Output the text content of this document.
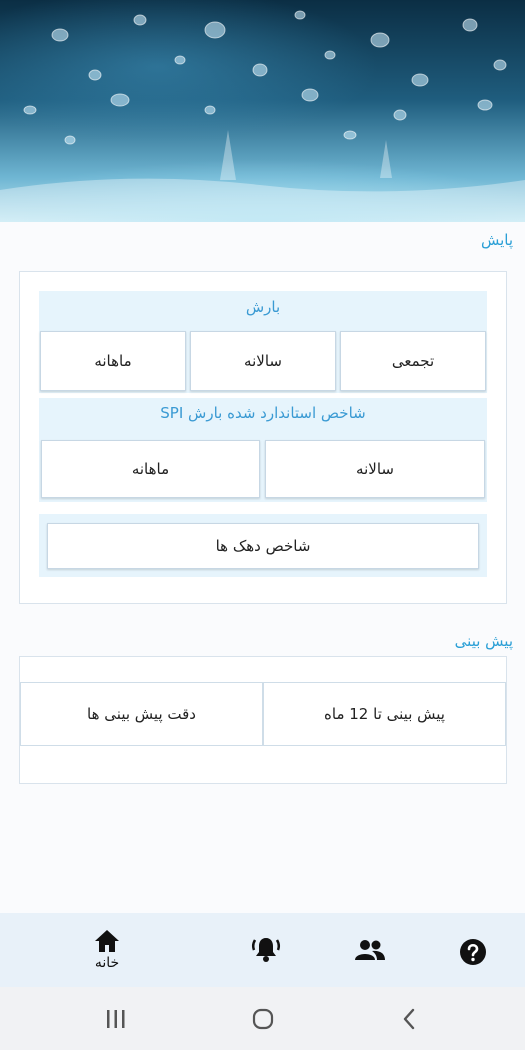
پایش
بارش
تجمعی
سالانه
ماهانه
شاخص استاندارد شده بارش SPI
سالانه
ماهانه
شاخص دهک ها
پیش بینی
پیش بینی تا 12 ماه
دقت پیش بینی ها
خانه
